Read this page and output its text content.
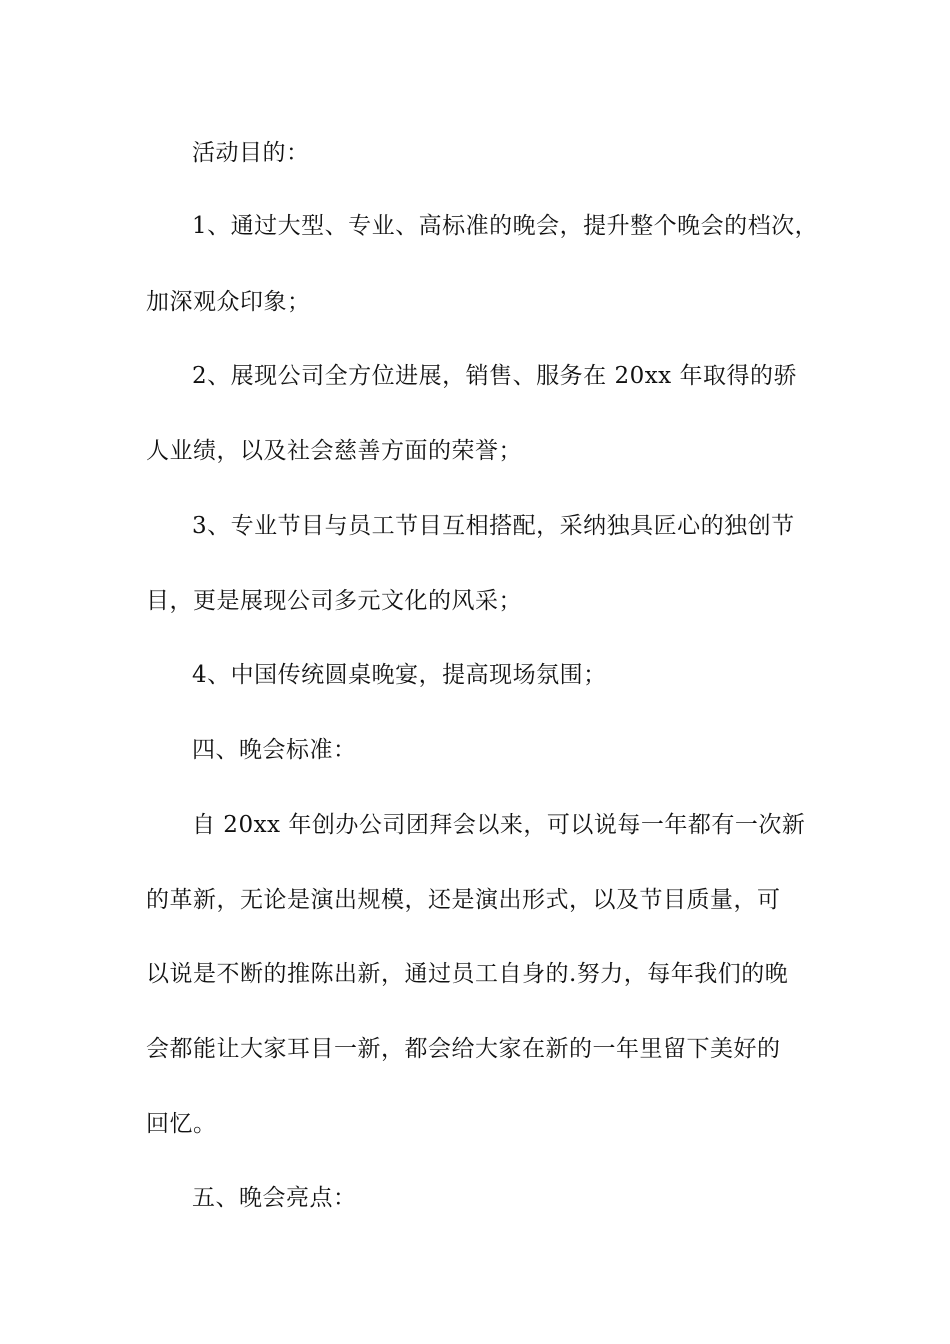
活动目的：
1、通过大型、专业、高标准的晚会，提升整个晚会的档次，
加深观众印象；
2、展现公司全方位进展，销售、服务在 20xx 年取得的骄
人业绩，以及社会慈善方面的荣誉；
3、专业节目与员工节目互相搭配，采纳独具匠心的独创节
目，更是展现公司多元文化的风采；
4、中国传统圆桌晚宴，提高现场氛围；
四、晚会标准：
自 20xx 年创办公司团拜会以来，可以说每一年都有一次新
的革新，无论是演出规模，还是演出形式，以及节目质量，可
以说是不断的推陈出新，通过员工自身的.努力，每年我们的晚
会都能让大家耳目一新，都会给大家在新的一年里留下美好的
回忆。
五、晚会亮点：
